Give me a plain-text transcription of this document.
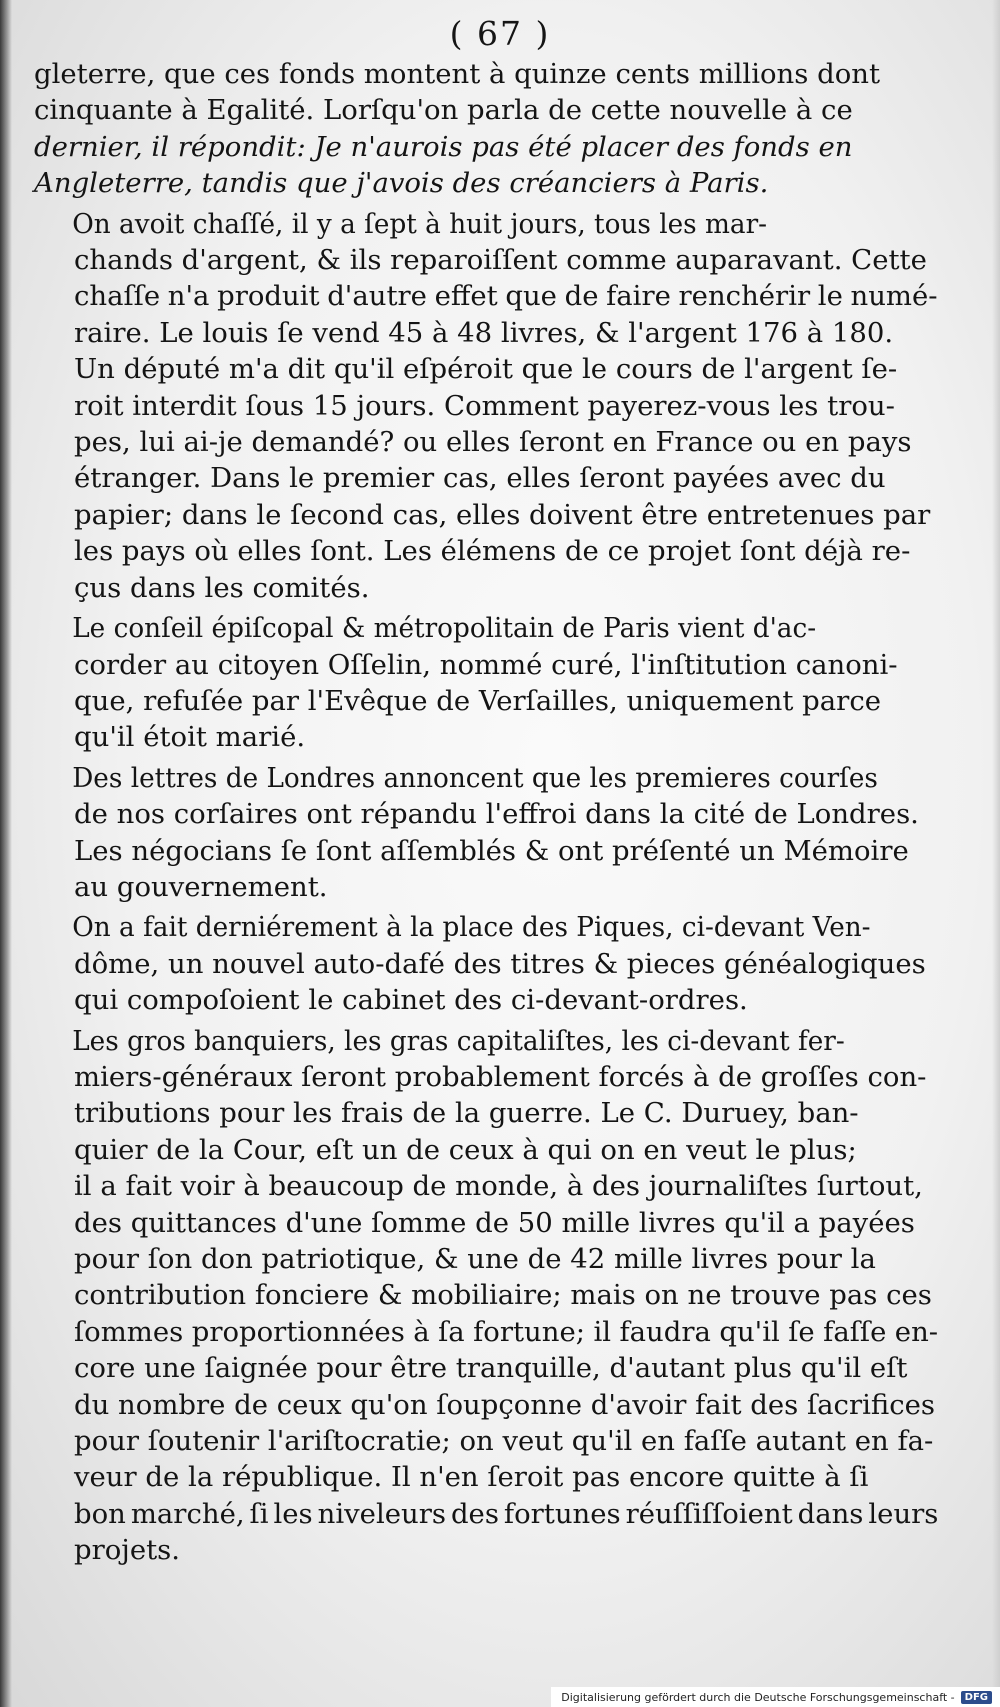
( 67 )

gleterre, que ces fonds montent à quinze cents millions dont
cinquante à Egalité. Lorſqu'on parla de cette nouvelle à ce
dernier, il répondit: Je n'aurois pas été placer des fonds en
Angleterre, tandis que j'avois des créanciers à Paris.

On avoit chaſſé, il y a ſept à huit jours, tous les mar-
chands d'argent, & ils reparoiſſent comme auparavant. Cette
chaſſe n'a produit d'autre effet que de faire renchérir le numé-
raire. Le louis ſe vend 45 à 48 livres, & l'argent 176 à 180.
Un député m'a dit qu'il eſpéroit que le cours de l'argent ſe-
roit interdit ſous 15 jours. Comment payerez-vous les trou-
pes, lui ai-je demandé? ou elles ſeront en France ou en pays
étranger. Dans le premier cas, elles ſeront payées avec du
papier; dans le ſecond cas, elles doivent être entretenues par
les pays où elles ſont. Les élémens de ce projet ſont déjà re-
çus dans les comités.

Le conſeil épiſcopal & métropolitain de Paris vient d'ac-
corder au citoyen Oſſelin, nommé curé, l'inſtitution canoni-
que, refuſée par l'Evêque de Verſailles, uniquement parce
qu'il étoit marié.

Des lettres de Londres annoncent que les premieres courſes
de nos corſaires ont répandu l'effroi dans la cité de Londres.
Les négocians ſe ſont aſſemblés & ont préſenté un Mémoire
au gouvernement.

On a fait derniérement à la place des Piques, ci-devant Ven-
dôme, un nouvel auto-dafé des titres & pieces généalogiques
qui compoſoient le cabinet des ci-devant-ordres.

Les gros banquiers, les gras capitaliſtes, les ci-devant fer-
miers-généraux ſeront probablement forcés à de groſſes con-
tributions pour les frais de la guerre. Le C. Duruey, ban-
quier de la Cour, eſt un de ceux à qui on en veut le plus;
il a fait voir à beaucoup de monde, à des journaliſtes ſurtout,
des quittances d'une ſomme de 50 mille livres qu'il a payées
pour ſon don patriotique, & une de 42 mille livres pour la
contribution fonciere & mobiliaire; mais on ne trouve pas ces
ſommes proportionnées à ſa fortune; il faudra qu'il ſe faſſe en-
core une ſaignée pour être tranquille, d'autant plus qu'il eſt
du nombre de ceux qu'on ſoupçonne d'avoir fait des ſacrifices
pour ſoutenir l'ariſtocratie; on veut qu'il en faſſe autant en fa-
veur de la république. Il n'en ſeroit pas encore quitte à ſi
bon marché, ſi les niveleurs des fortunes réuſſiſſoient dans leurs
projets.

Digitalisierung gefördert durch die Deutsche Forschungsgemeinschaft -	DFG
